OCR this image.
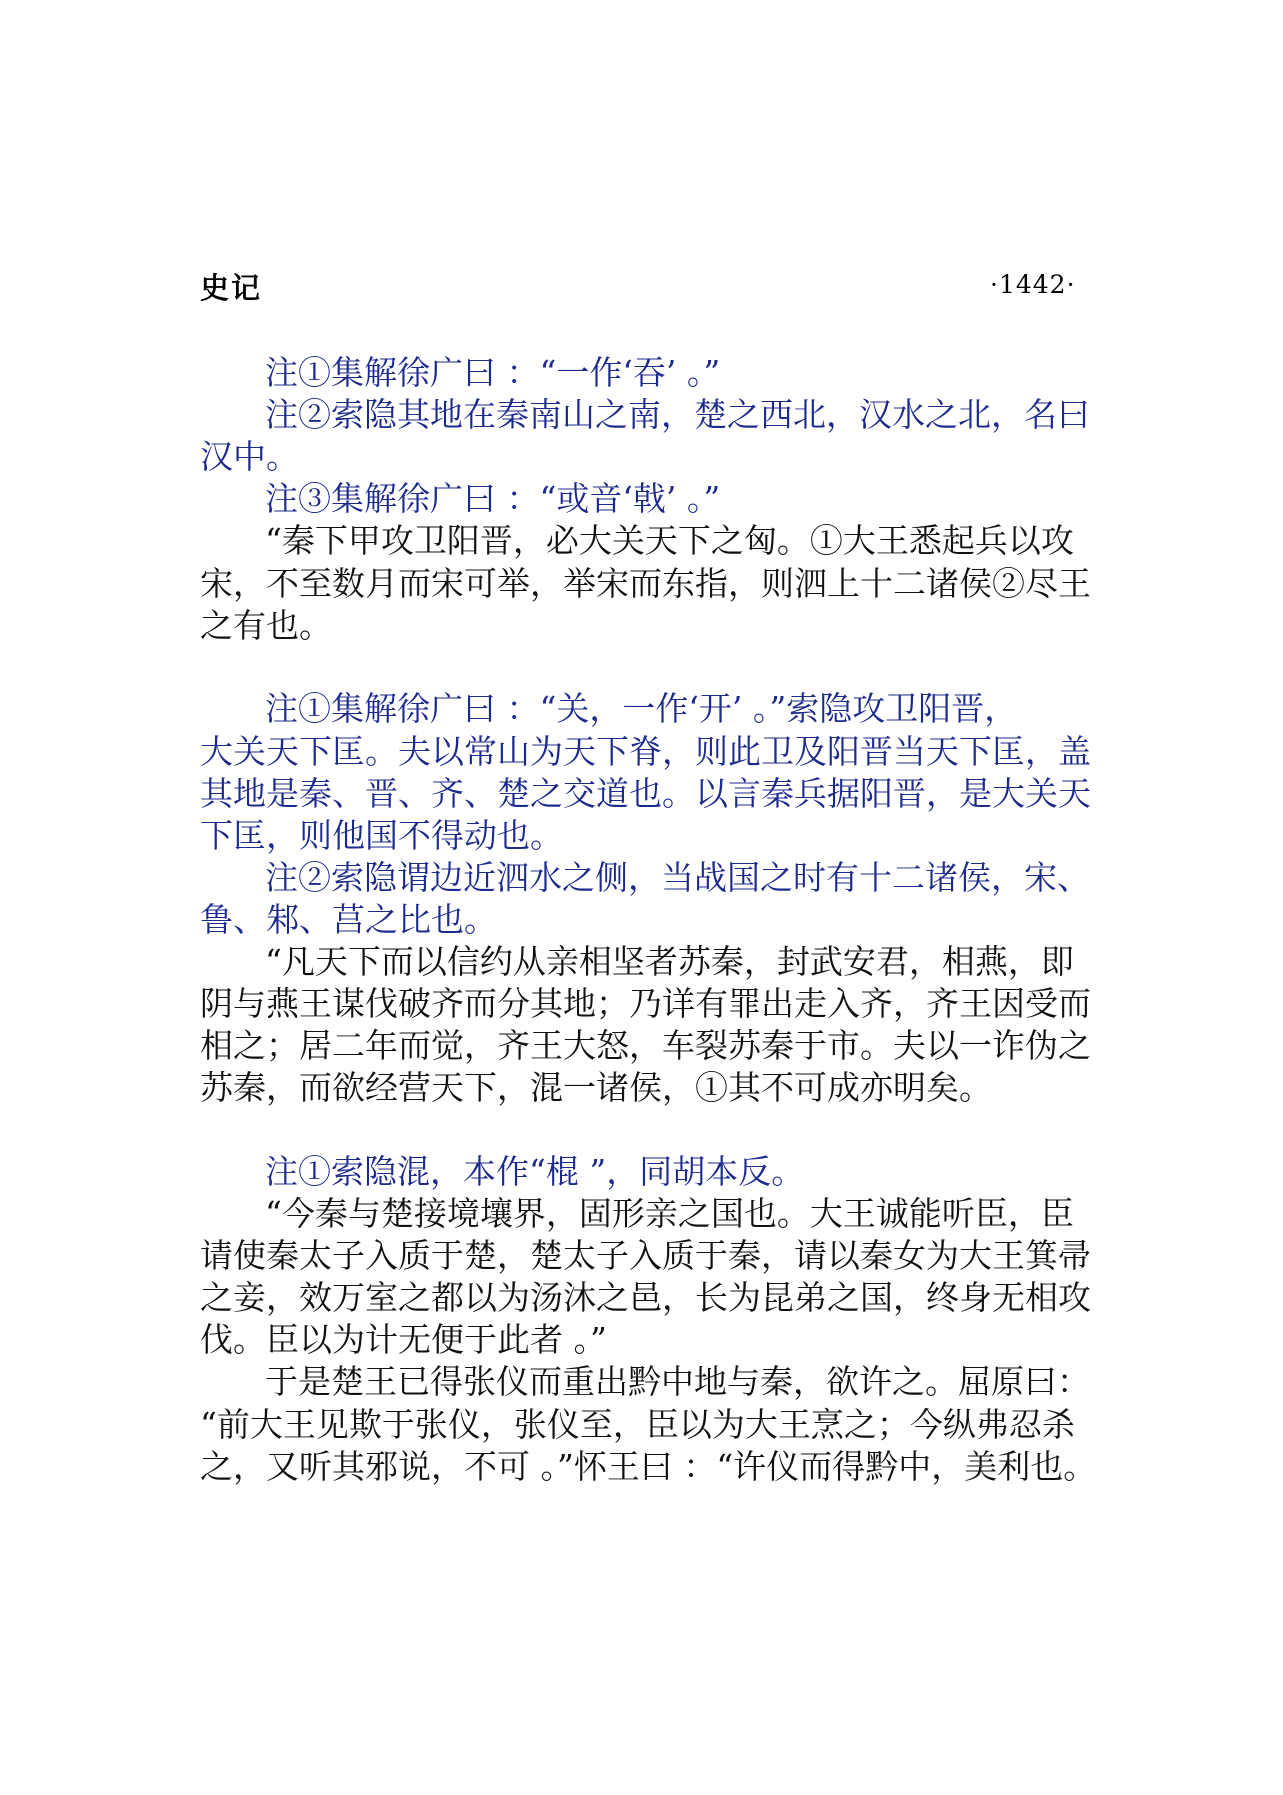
史记	·1442·
注①集解徐广曰 ：“一作‘吞’ 。”
注②索隐其地在秦南山之南，楚之西北，汉水之北，名曰
汉中。
注③集解徐广曰 ：“或音‘戟’ 。”
“秦下甲攻卫阳晋，必大关天下之匈。①大王悉起兵以攻
宋，不至数月而宋可举，举宋而东指，则泗上十二诸侯②尽王
之有也。
注①集解徐广曰 ：“关，一作‘开’ 。”索隐攻卫阳晋，
大关天下匡。夫以常山为天下脊，则此卫及阳晋当天下匡，盖
其地是秦、晋、齐、楚之交道也。以言秦兵据阳晋，是大关天
下匡，则他国不得动也。
注②索隐谓边近泗水之侧，当战国之时有十二诸侯，宋、
鲁、邾、莒之比也。
“凡天下而以信约从亲相坚者苏秦，封武安君，相燕，即
阴与燕王谋伐破齐而分其地；乃详有罪出走入齐，齐王因受而
相之；居二年而觉，齐王大怒，车裂苏秦于市。夫以一诈伪之
苏秦，而欲经营天下，混一诸侯，①其不可成亦明矣。
注①索隐混，本作“棍 ”，同胡本反。
“今秦与楚接境壤界，固形亲之国也。大王诚能听臣，臣
请使秦太子入质于楚，楚太子入质于秦，请以秦女为大王箕帚
之妾，效万室之都以为汤沐之邑，长为昆弟之国，终身无相攻
伐。臣以为计无便于此者 。”
于是楚王已得张仪而重出黔中地与秦，欲许之。屈原曰：
“前大王见欺于张仪，张仪至，臣以为大王烹之；今纵弗忍杀
之，又听其邪说，不可 。”怀王曰 ：“许仪而得黔中，美利也。
